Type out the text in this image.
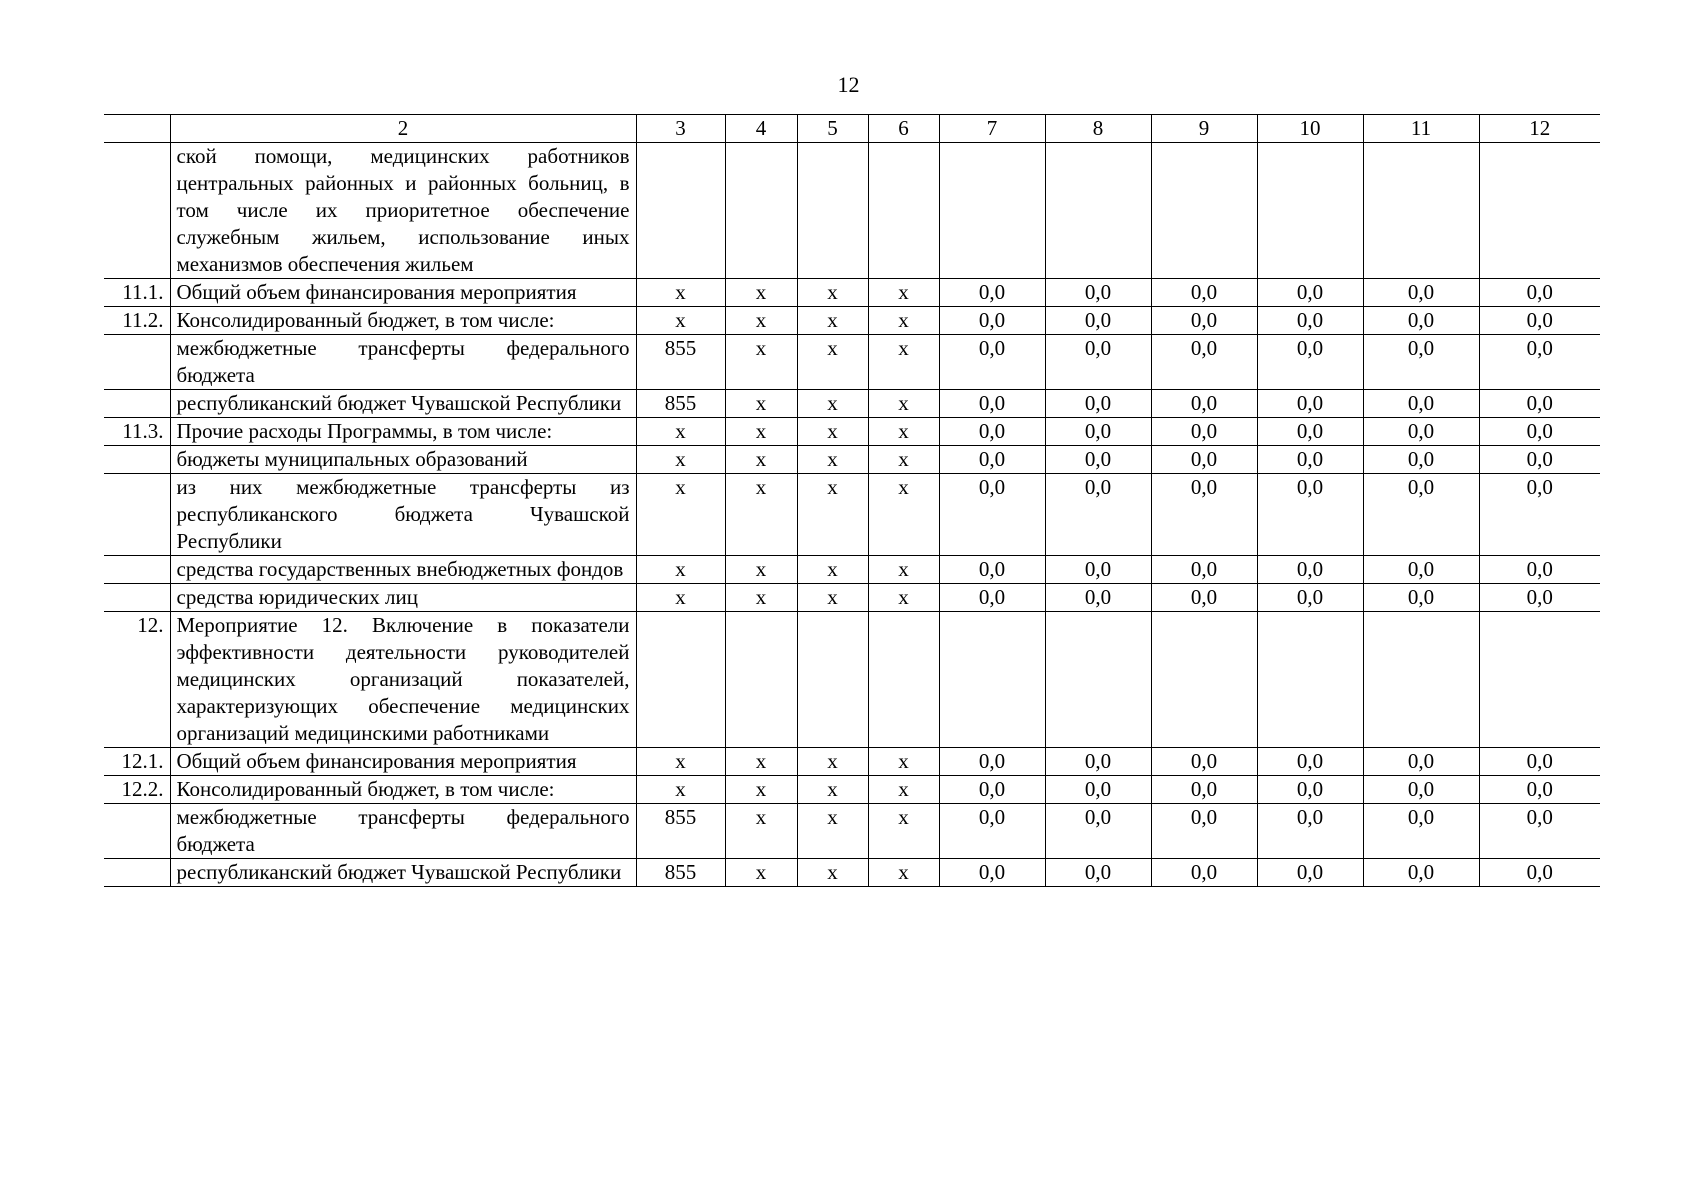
12
	2	3	4	5	6	7	8	9	10	11	12
	ской помощи, медицинских работников центральных районных и районных больниц, в том числе их приоритетное обеспечение служебным жильем, использование иных механизмов обеспечения жильем										
11.1.	Общий объем финансирования мероприятия	х	х	х	х	0,0	0,0	0,0	0,0	0,0	0,0
11.2.	Консолидированный бюджет, в том числе:	х	х	х	х	0,0	0,0	0,0	0,0	0,0	0,0
	межбюджетные трансферты федерального бюджета	855	х	х	х	0,0	0,0	0,0	0,0	0,0	0,0
	республиканский бюджет Чувашской Республики	855	х	х	х	0,0	0,0	0,0	0,0	0,0	0,0
11.3.	Прочие расходы Программы, в том числе:	х	х	х	х	0,0	0,0	0,0	0,0	0,0	0,0
	бюджеты муниципальных образований	х	х	х	х	0,0	0,0	0,0	0,0	0,0	0,0
	из них межбюджетные трансферты из республиканского бюджета Чувашской Республики	х	х	х	х	0,0	0,0	0,0	0,0	0,0	0,0
	средства государственных внебюджетных фондов	х	х	х	х	0,0	0,0	0,0	0,0	0,0	0,0
	средства юридических лиц	х	х	х	х	0,0	0,0	0,0	0,0	0,0	0,0
12.	Мероприятие 12. Включение в показатели эффективности деятельности руководителей медицинских организаций показателей, характеризующих обеспечение медицинских организаций медицинскими работниками										
12.1.	Общий объем финансирования мероприятия	х	х	х	х	0,0	0,0	0,0	0,0	0,0	0,0
12.2.	Консолидированный бюджет, в том числе:	х	х	х	х	0,0	0,0	0,0	0,0	0,0	0,0
	межбюджетные трансферты федерального бюджета	855	х	х	х	0,0	0,0	0,0	0,0	0,0	0,0
	республиканский бюджет Чувашской Республики	855	х	х	х	0,0	0,0	0,0	0,0	0,0	0,0
